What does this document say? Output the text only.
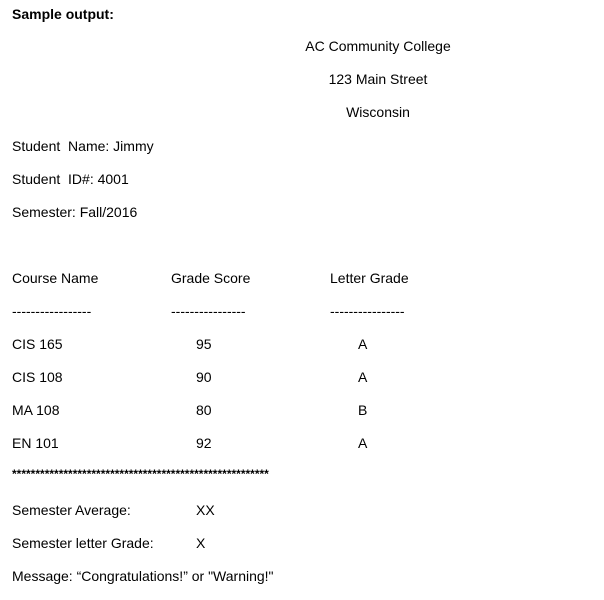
Sample output:
AC Community College
123 Main Street
Wisconsin
Student  Name: Jimmy
Student  ID#: 4001
Semester: Fall/2016
Course Name	Grade Score	Letter Grade
-----------------	----------------	----------------
CIS 165	95	A
CIS 108	90	A
MA 108	80	B
EN 101	92	A
*******************************************************
Semester Average:	XX
Semester letter Grade:	X
Message: “Congratulations!” or "Warning!"
